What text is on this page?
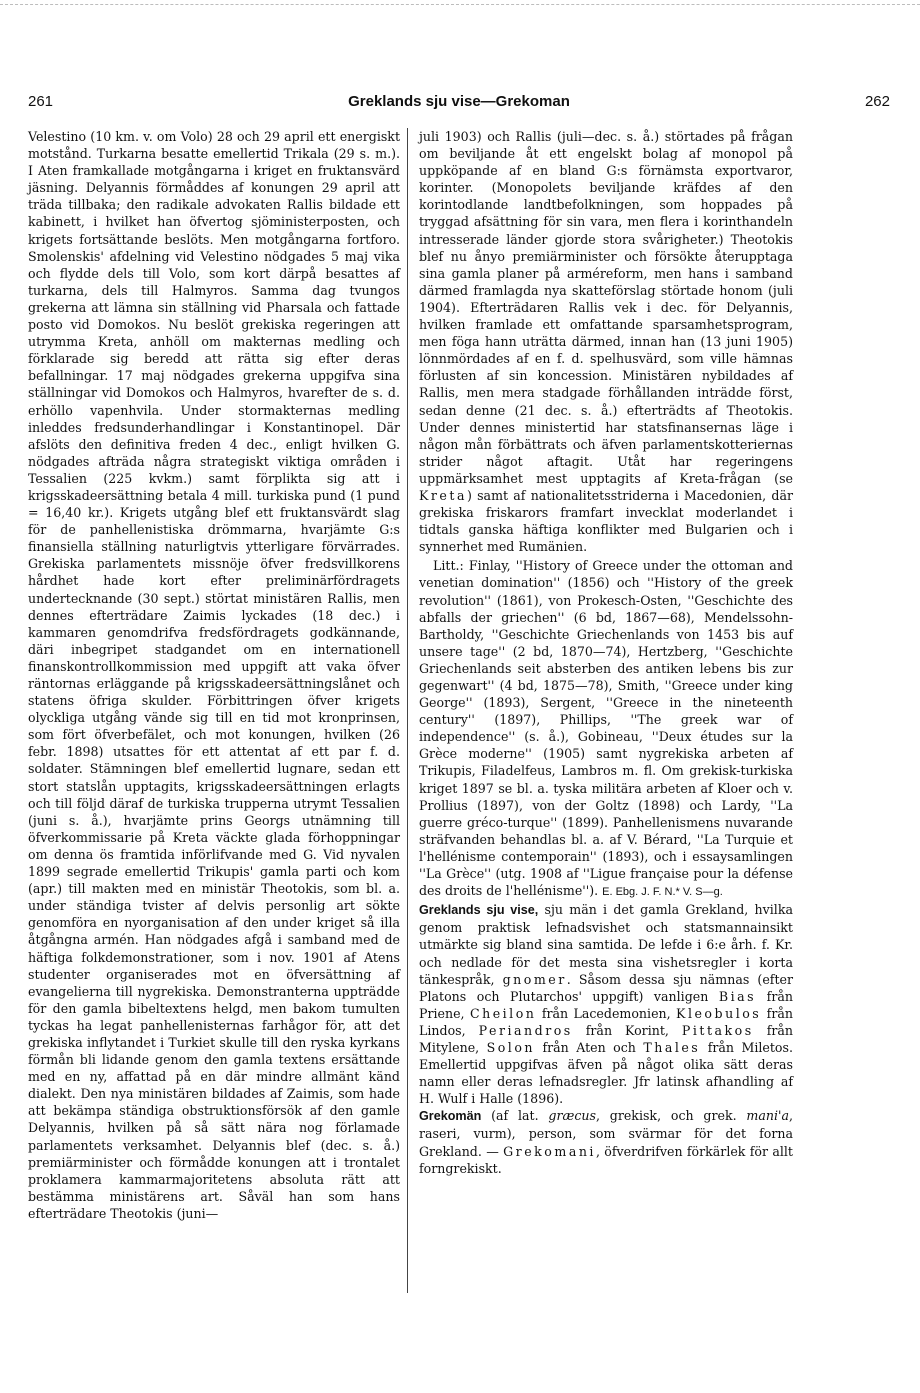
261	Greklands sju vise—Grekoman	262

Velestino (10 km. v. om Volo) 28 och 29 april ett energiskt motstånd. Turkarna besatte emellertid Trikala (29 s. m.). I Aten framkallade motgångarna i kriget en fruktansvärd jäsning. Delyannis förmåddes af konungen 29 april att träda tillbaka; den radikale advokaten Rallis bildade ett kabinett, i hvilket han öfvertog sjöministerposten, och krigets fortsättande beslöts. Men motgångarna fortforo. Smolenskis' afdelning vid Velestino nödgades 5 maj vika och flydde dels till Volo, som kort därpå besattes af turkarna, dels till Halmyros. Samma dag tvungos grekerna att lämna sin ställning vid Pharsala och fattade posto vid Domokos. Nu beslöt grekiska regeringen att utrymma Kreta, anhöll om makternas medling och förklarade sig beredd att rätta sig efter deras befallningar. 17 maj nödgades grekerna uppgifva sina ställningar vid Domokos och Halmyros, hvarefter de s. d. erhöllo vapenhvila. Under stormakternas medling inleddes fredsunderhandlingar i Konstantinopel. Där afslöts den definitiva freden 4 dec., enligt hvilken G. nödgades afträda några strategiskt viktiga områden i Tessalien (225 kvkm.) samt förplikta sig att i krigsskadeersättning betala 4 mill. turkiska pund (1 pund = 16,40 kr.). Krigets utgång blef ett fruktansvärdt slag för de panhellenistiska drömmarna, hvarjämte G:s finansiella ställning naturligtvis ytterligare förvärrades. Grekiska parlamentets missnöje öfver fredsvillkorens hårdhet hade kort efter preliminärfördragets undertecknande (30 sept.) störtat ministären Rallis, men dennes efterträdare Zaimis lyckades (18 dec.) i kammaren genomdrifva fredsfördragets godkännande, däri inbegripet stadgandet om en internationell finanskontrollkommission med uppgift att vaka öfver räntornas erläggande på krigsskadeersättningslånet och statens öfriga skulder. Förbittringen öfver krigets olyckliga utgång vände sig till en tid mot kronprinsen, som fört öfverbefälet, och mot konungen, hvilken (26 febr. 1898) utsattes för ett attentat af ett par f. d. soldater. Stämningen blef emellertid lugnare, sedan ett stort statslån upptagits, krigsskadeersättningen erlagts och till följd däraf de turkiska trupperna utrymt Tessalien (juni s. å.), hvarjämte prins Georgs utnämning till öfverkommissarie på Kreta väckte glada förhoppningar om denna ös framtida införlifvande med G. Vid nyvalen 1899 segrade emellertid Trikupis' gamla parti och kom (apr.) till makten med en ministär Theotokis, som bl. a. under ständiga tvister af delvis personlig art sökte genomföra en nyorganisation af den under kriget så illa åtgångna armén. Han nödgades afgå i samband med de häftiga folkdemonstrationer, som i nov. 1901 af Atens studenter organiserades mot en öfversättning af evangelierna till nygrekiska. Demonstranterna uppträdde för den gamla bibeltextens helgd, men bakom tumulten tyckas ha legat panhellenisternas farhågor för, att det grekiska inflytandet i Turkiet skulle till den ryska kyrkans förmån bli lidande genom den gamla textens ersättande med en ny, affattad på en där mindre allmänt känd dialekt. Den nya ministären bildades af Zaimis, som hade att bekämpa ständiga obstruktionsförsök af den gamle Delyannis, hvilken på så sätt nära nog förlamade parlamentets verksamhet. Delyannis blef (dec. s. å.) premiärminister och förmådde konungen att i trontalet proklamera kammarmajoritetens absoluta rätt att bestämma ministärens art. Såväl han som hans efterträdare Theotokis (juni—

juli 1903) och Rallis (juli—dec. s. å.) störtades på frågan om beviljande åt ett engelskt bolag af monopol på uppköpande af en bland G:s förnämsta exportvaror, korinter. (Monopolets beviljande kräfdes af den korintodlande landtbefolkningen, som hoppades på tryggad afsättning för sin vara, men flera i korinthandeln intresserade länder gjorde stora svårigheter.) Theotokis blef nu ånyo premiärminister och försökte återupptaga sina gamla planer på arméreform, men hans i samband därmed framlagda nya skatteförslag störtade honom (juli 1904). Efterträdaren Rallis vek i dec. för Delyannis, hvilken framlade ett omfattande sparsamhetsprogram, men föga hann uträtta därmed, innan han (13 juni 1905) lönnmördades af en f. d. spelhusvärd, som ville hämnas förlusten af sin koncession. Ministären nybildades af Rallis, men mera stadgade förhållanden inträdde först, sedan denne (21 dec. s. å.) efterträdts af Theotokis. Under dennes ministertid har statsfinansernas läge i någon mån förbättrats och äfven parlamentskotteriernas strider något aftagit. Utåt har regeringens uppmärksamhet mest upptagits af Kreta-frågan (se Kreta) samt af nationalitetsstriderna i Macedonien, där grekiska friskarors framfart invecklat moderlandet i tidtals ganska häftiga konflikter med Bulgarien och i synnerhet med Rumänien.

Litt.: Finlay, ''History of Greece under the ottoman and venetian domination'' (1856) och ''History of the greek revolution'' (1861), von Prokesch-Osten, ''Geschichte des abfalls der griechen'' (6 bd, 1867—68), Mendelssohn-Bartholdy, ''Geschichte Griechenlands von 1453 bis auf unsere tage'' (2 bd, 1870—74), Hertzberg, ''Geschichte Griechenlands seit absterben des antiken lebens bis zur gegenwart'' (4 bd, 1875—78), Smith, ''Greece under king George'' (1893), Sergent, ''Greece in the nineteenth century'' (1897), Phillips, ''The greek war of independence'' (s. å.), Gobineau, ''Deux études sur la Grèce moderne'' (1905) samt nygrekiska arbeten af Trikupis, Filadelfeus, Lambros m. fl. Om grekisk-turkiska kriget 1897 se bl. a. tyska militära arbeten af Kloer och v. Prollius (1897), von der Goltz (1898) och Lardy, ''La guerre gréco-turque'' (1899). Panhellenismens nuvarande sträfvanden behandlas bl. a. af V. Bérard, ''La Turquie et l'hellénisme contemporain'' (1893), och i essaysamlingen ''La Grèce'' (utg. 1908 af ''Ligue française pour la défense des droits de l'hellénisme''). E. Ebg. J. F. N.* V. S—g.

Greklands sju vise, sju män i det gamla Grekland, hvilka genom praktisk lefnadsvishet och statsmannainsikt utmärkte sig bland sina samtida. De lefde i 6:e årh. f. Kr. och nedlade för det mesta sina vishetsregler i korta tänkespråk, gnomer. Såsom dessa sju nämnas (efter Platons och Plutarchos' uppgift) vanligen Bias från Priene, Cheilon från Lacedemonien, Kleobulos från Lindos, Periandros från Korint, Pittakos från Mitylene, Solon från Aten och Thales från Miletos. Emellertid uppgifvas äfven på något olika sätt deras namn eller deras lefnadsregler. Jfr latinsk afhandling af H. Wulf i Halle (1896).

Grekomän (af lat. græcus, grekisk, och grek. mani'a, raseri, vurm), person, som svärmar för det forna Grekland. — Grekomani, öfverdrifven förkärlek för allt forngrekiskt.
